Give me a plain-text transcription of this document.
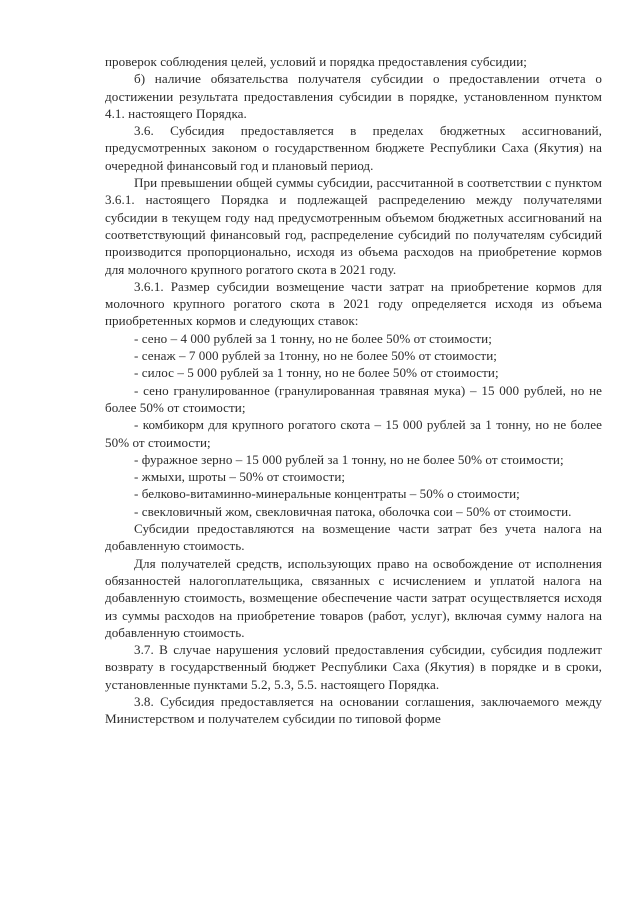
проверок соблюдения целей, условий и порядка предоставления субсидии;

б) наличие обязательства получателя субсидии о предоставлении отчета о достижении результата предоставления субсидии в порядке, установленном пунктом 4.1. настоящего Порядка.

3.6. Субсидия предоставляется в пределах бюджетных ассигнований, предусмотренных законом о государственном бюджете Республики Саха (Якутия) на очередной финансовый год и плановый период.

При превышении общей суммы субсидии, рассчитанной в соответствии с пунктом 3.6.1. настоящего Порядка и подлежащей распределению между получателями субсидии в текущем году над предусмотренным объемом бюджетных ассигнований на соответствующий финансовый год, распределение субсидий по получателям субсидий производится пропорционально, исходя из объема расходов на приобретение кормов для молочного крупного рогатого скота в 2021 году.

3.6.1. Размер субсидии возмещение части затрат на приобретение кормов для молочного крупного рогатого скота в 2021 году определяется исходя из объема приобретенных кормов и следующих ставок:

- сено – 4 000 рублей за 1 тонну, но не более 50% от стоимости;

- сенаж – 7 000 рублей за 1тонну, но не более 50% от стоимости;

- силос – 5 000 рублей за 1 тонну, но не более 50% от стоимости;

- сено гранулированное (гранулированная травяная мука) – 15 000 рублей, но не более 50% от стоимости;

- комбикорм для крупного рогатого скота – 15 000 рублей за 1 тонну, но не более 50% от стоимости;

- фуражное зерно – 15 000 рублей за 1 тонну, но не более 50% от стоимости;

- жмыхи, шроты – 50% от стоимости;

- белково-витаминно-минеральные концентраты – 50% о стоимости;

- свекловичный жом, свекловичная патока, оболочка сои – 50% от стоимости.

Субсидии предоставляются на возмещение части затрат без учета налога на добавленную стоимость.

Для получателей средств, использующих право на освобождение от исполнения обязанностей налогоплательщика, связанных с исчислением и уплатой налога на добавленную стоимость, возмещение обеспечение части затрат осуществляется исходя из суммы расходов на приобретение товаров (работ, услуг), включая сумму налога на добавленную стоимость.

3.7. В случае нарушения условий предоставления субсидии, субсидия подлежит возврату в государственный бюджет Республики Саха (Якутия) в порядке и в сроки, установленные пунктами 5.2, 5.3, 5.5. настоящего Порядка.

3.8. Субсидия предоставляется на основании соглашения, заключаемого между Министерством и получателем субсидии по типовой форме
